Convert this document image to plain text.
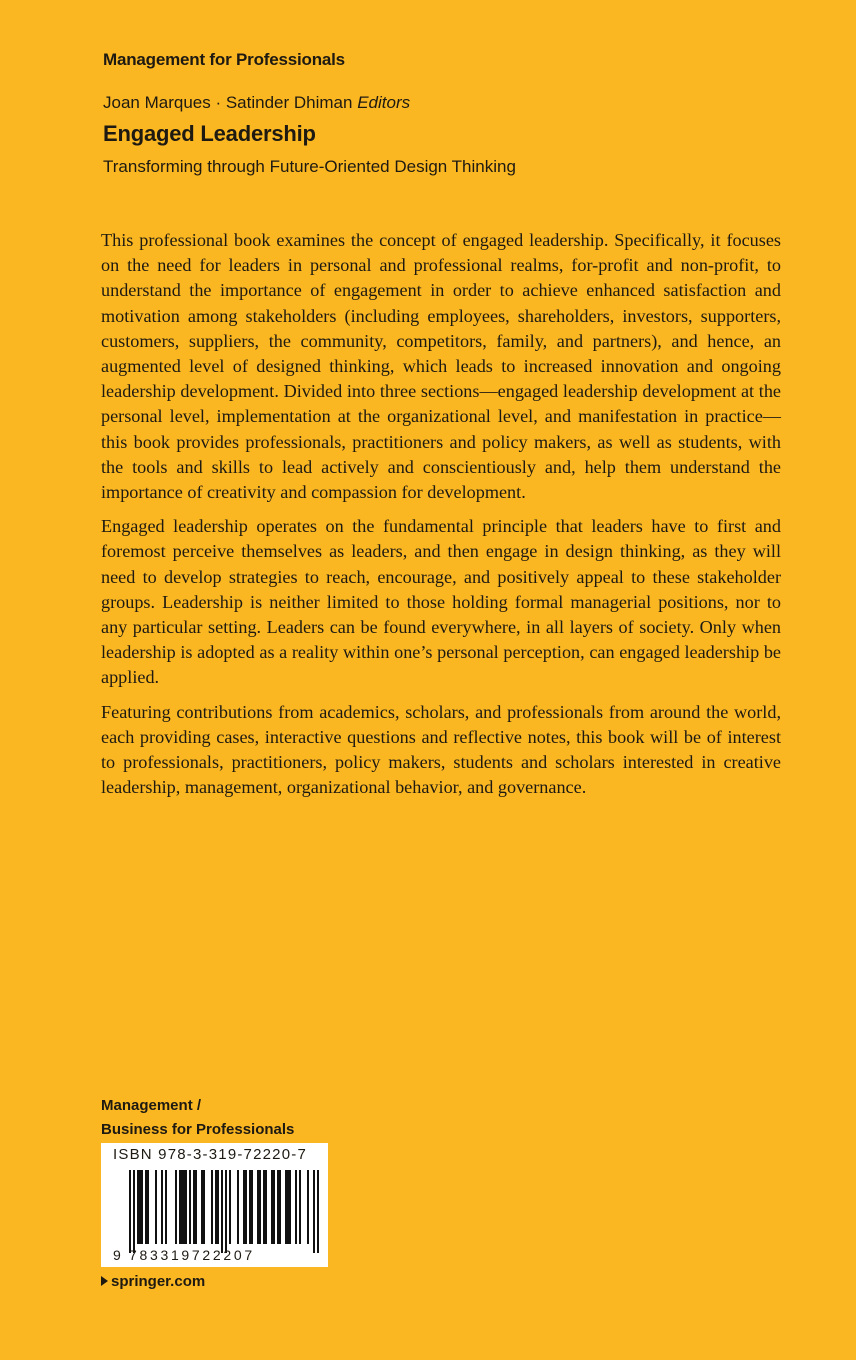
Management for Professionals
Joan Marques · Satinder Dhiman Editors
Engaged Leadership
Transforming through Future-Oriented Design Thinking

This professional book examines the concept of engaged leadership. Specifically, it focuses on the need for leaders in personal and professional realms, for-profit and non-profit, to understand the importance of engagement in order to achieve enhanced satisfaction and motivation among stakeholders (including employees, shareholders, investors, supporters, customers, suppliers, the community, competitors, family, and partners), and hence, an augmented level of designed thinking, which leads to increased innovation and ongoing leadership development. Divided into three sections—engaged leadership development at the personal level, implementation at the organizational level, and manifestation in practice—this book provides professionals, practitioners and policy makers, as well as students, with the tools and skills to lead actively and conscientiously and, help them understand the importance of creativity and compassion for development.

Engaged leadership operates on the fundamental principle that leaders have to first and foremost perceive themselves as leaders, and then engage in design thinking, as they will need to develop strategies to reach, encourage, and positively appeal to these stakeholder groups. Leadership is neither limited to those holding formal managerial positions, nor to any particular setting. Leaders can be found everywhere, in all layers of society. Only when leadership is adopted as a reality within one’s personal perception, can engaged leadership be applied.

Featuring contributions from academics, scholars, and professionals from around the world, each providing cases, interactive questions and reflective notes, this book will be of interest to professionals, practitioners, policy makers, students and scholars interested in creative leadership, management, organizational behavior, and governance.

Management /
Business for Professionals
ISBN 978-3-319-72220-7
9 783319722207
springer.com
